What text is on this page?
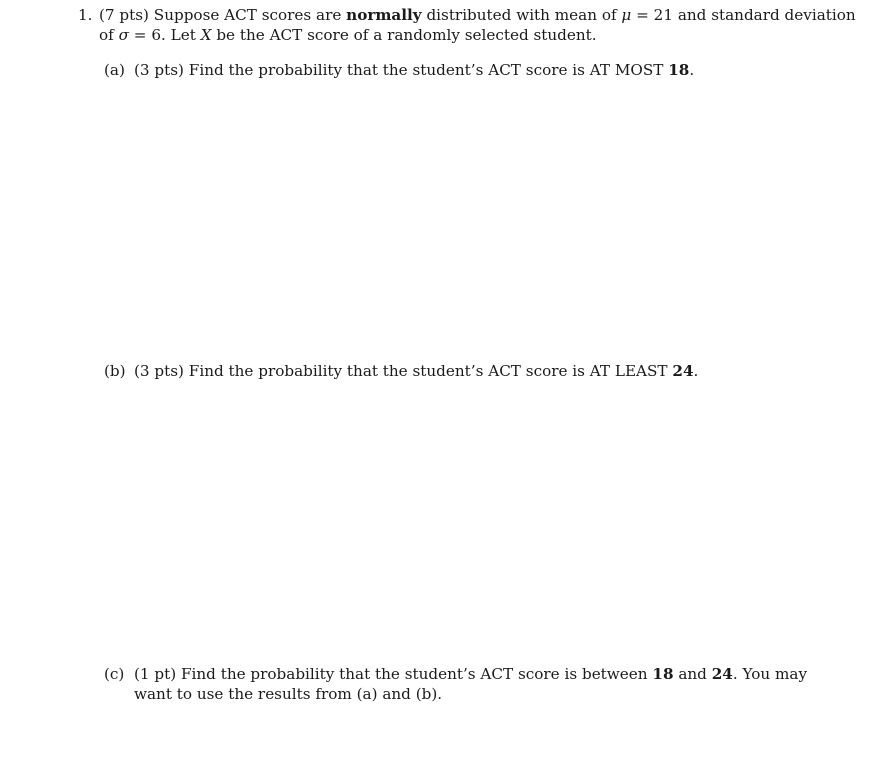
1. (7 pts) Suppose ACT scores are normally distributed with mean of μ = 21 and standard deviation
of σ = 6. Let X be the ACT score of a randomly selected student.
(a) (3 pts) Find the probability that the student’s ACT score is AT MOST 18.
(b) (3 pts) Find the probability that the student’s ACT score is AT LEAST 24.
(c) (1 pt) Find the probability that the student’s ACT score is between 18 and 24. You may
want to use the results from (a) and (b).
